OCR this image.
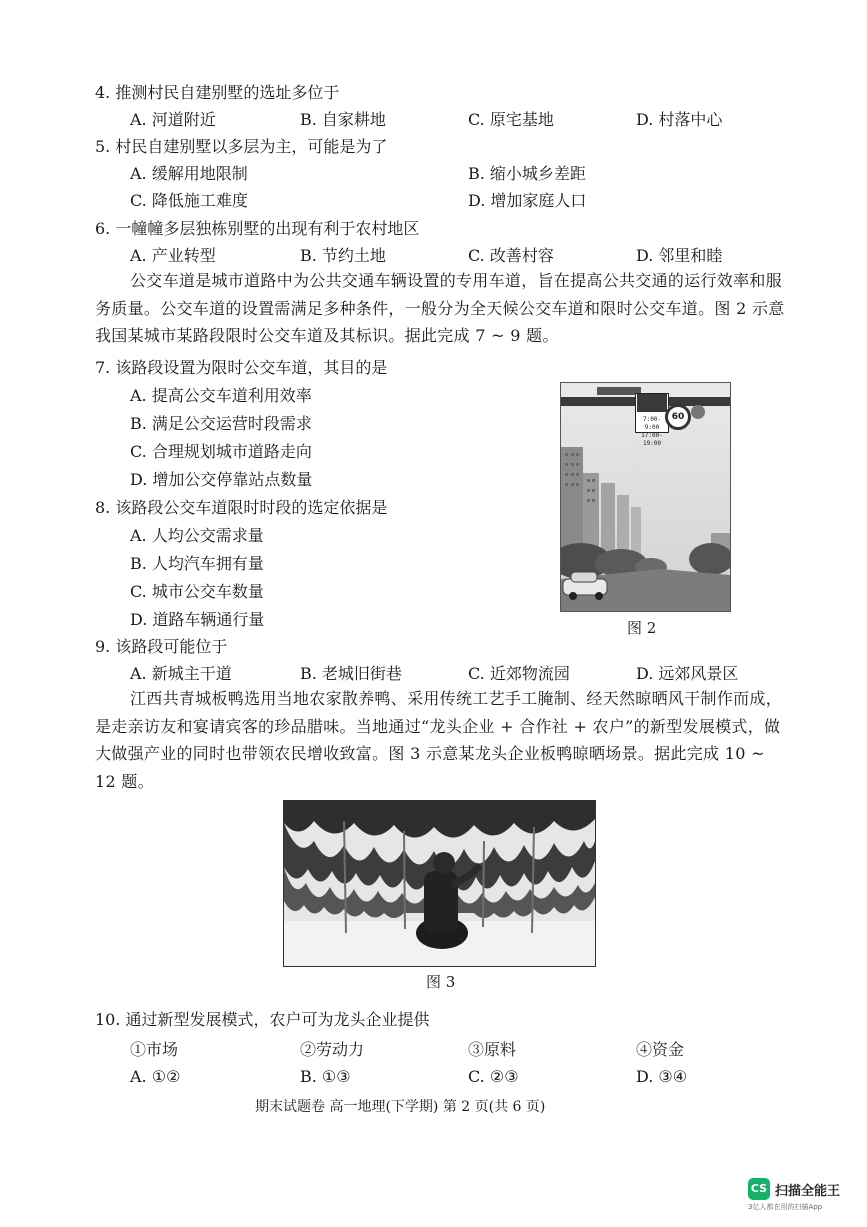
4. 推测村民自建别墅的选址多位于
A. 河道附近	B. 自家耕地	C. 原宅基地	D. 村落中心
5. 村民自建别墅以多层为主，可能是为了
A. 缓解用地限制	B. 缩小城乡差距
C. 降低施工难度	D. 增加家庭人口
6. 一幢幢多层独栋别墅的出现有利于农村地区
A. 产业转型	B. 节约土地	C. 改善村容	D. 邻里和睦
公交车道是城市道路中为公共交通车辆设置的专用车道，旨在提高公共交通的运行效率和服务质量。公交车道的设置需满足多种条件，一般分为全天候公交车道和限时公交车道。图 2 示意我国某城市某路段限时公交车道及其标识。据此完成 7 ~ 9 题。
7. 该路段设置为限时公交车道，其目的是
A. 提高公交车道利用效率
B. 满足公交运营时段需求
C. 合理规划城市道路走向
D. 增加公交停靠站点数量
8. 该路段公交车道限时时段的选定依据是
A. 人均公交需求量
B. 人均汽车拥有量
C. 城市公交车数量
D. 道路车辆通行量
7:00-9:00
17:00-19:00
60
图 2
9. 该路段可能位于
A. 新城主干道	B. 老城旧街巷	C. 近郊物流园	D. 远郊风景区
江西共青城板鸭选用当地农家散养鸭、采用传统工艺手工腌制、经天然晾晒风干制作而成，是走亲访友和宴请宾客的珍品腊味。当地通过“龙头企业 + 合作社 + 农户”的新型发展模式，做大做强产业的同时也带领农民增收致富。图 3 示意某龙头企业板鸭晾晒场景。据此完成 10 ~ 12 题。
图 3
10. 通过新型发展模式，农户可为龙头企业提供
①市场	②劳动力	③原料	④资金
A. ①②	B. ①③	C. ②③	D. ③④
期末试题卷 高一地理(下学期) 第 2 页(共 6 页)
CS 扫描全能王
3亿人都在用的扫描App
